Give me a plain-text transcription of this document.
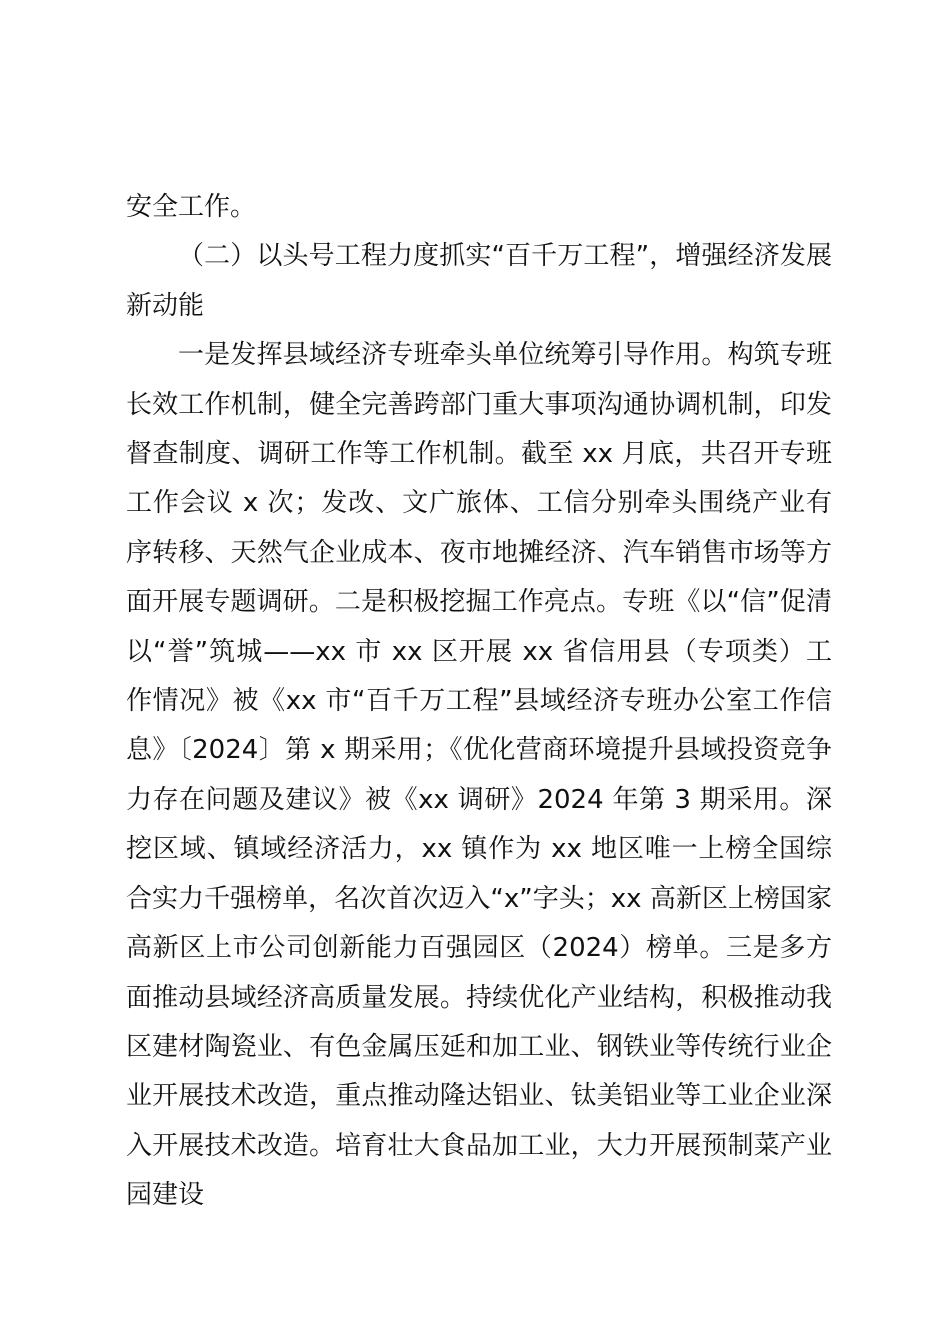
安全工作。

（二）以头号工程力度抓实“百千万工程”，增强经济发展新动能

一是发挥县域经济专班牵头单位统筹引导作用。构筑专班长效工作机制，健全完善跨部门重大事项沟通协调机制，印发督查制度、调研工作等工作机制。截至 xx 月底，共召开专班工作会议 x 次；发改、文广旅体、工信分别牵头围绕产业有序转移、天然气企业成本、夜市地摊经济、汽车销售市场等方面开展专题调研。二是积极挖掘工作亮点。专班《以“信”促清以“誉”筑城——xx 市 xx 区开展 xx 省信用县（专项类）工作情况》被《xx 市“百千万工程”县域经济专班办公室工作信息》〔2024〕第 x 期采用；《优化营商环境提升县域投资竞争力存在问题及建议》被《xx 调研》2024 年第 3 期采用。深挖区域、镇域经济活力，xx 镇作为 xx 地区唯一上榜全国综合实力千强榜单，名次首次迈入“x”字头；xx 高新区上榜国家高新区上市公司创新能力百强园区（2024）榜单。三是多方面推动县域经济高质量发展。持续优化产业结构，积极推动我区建材陶瓷业、有色金属压延和加工业、钢铁业等传统行业企业开展技术改造，重点推动隆达铝业、钛美铝业等工业企业深入开展技术改造。培育壮大食品加工业，大力开展预制菜产业园建设
